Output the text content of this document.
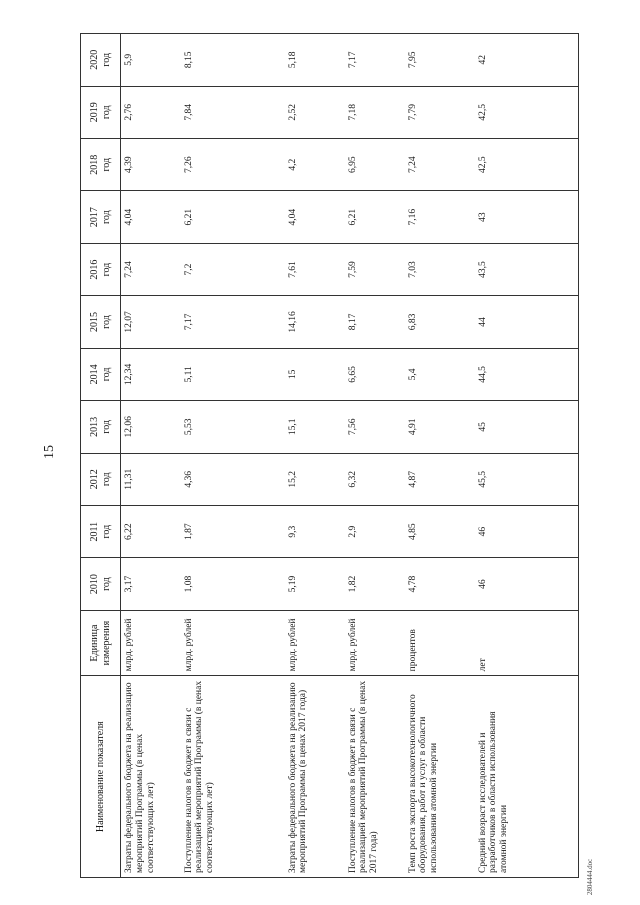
15
Наименование показателя	Единица измерения	2010 год	2011 год	2012 год	2013 год	2014 год	2015 год	2016 год	2017 год	2018 год	2019 год	2020 год

Затраты федерального бюджета на реализацию мероприятий Программы (в ценах соответствующих лет)	млрд. рублей	3,17	6,22	11,31	12,06	12,34	12,07	7,24	4,04	4,39	2,76	5,9
Поступление налогов в бюджет в связи с реализацией мероприятий Программы (в ценах соответствующих лет)	млрд. рублей	1,08	1,87	4,36	5,53	5,11	7,17	7,2	6,21	7,26	7,84	8,15
Затраты федерального бюджета на реализацию мероприятий Программы (в ценах 2017 года)	млрд. рублей	5,19	9,3	15,2	15,1	15	14,16	7,61	4,04	4,2	2,52	5,18
Поступление налогов в бюджет в связи с реализацией мероприятий Программы (в ценах 2017 года)	млрд. рублей	1,82	2,9	6,32	7,56	6,65	8,17	7,59	6,21	6,95	7,18	7,17
Темп роста экспорта высокотехнологичного оборудования, работ и услуг в области использования атомной энергии	процентов	4,78	4,85	4,87	4,91	5,4	6,83	7,03	7,16	7,24	7,79	7,95
Средний возраст исследователей и разработчиков в области использования атомной энергии	лет	46	46	45,5	45	44,5	44	43,5	43	42,5	42,5	42
2804444.doc
